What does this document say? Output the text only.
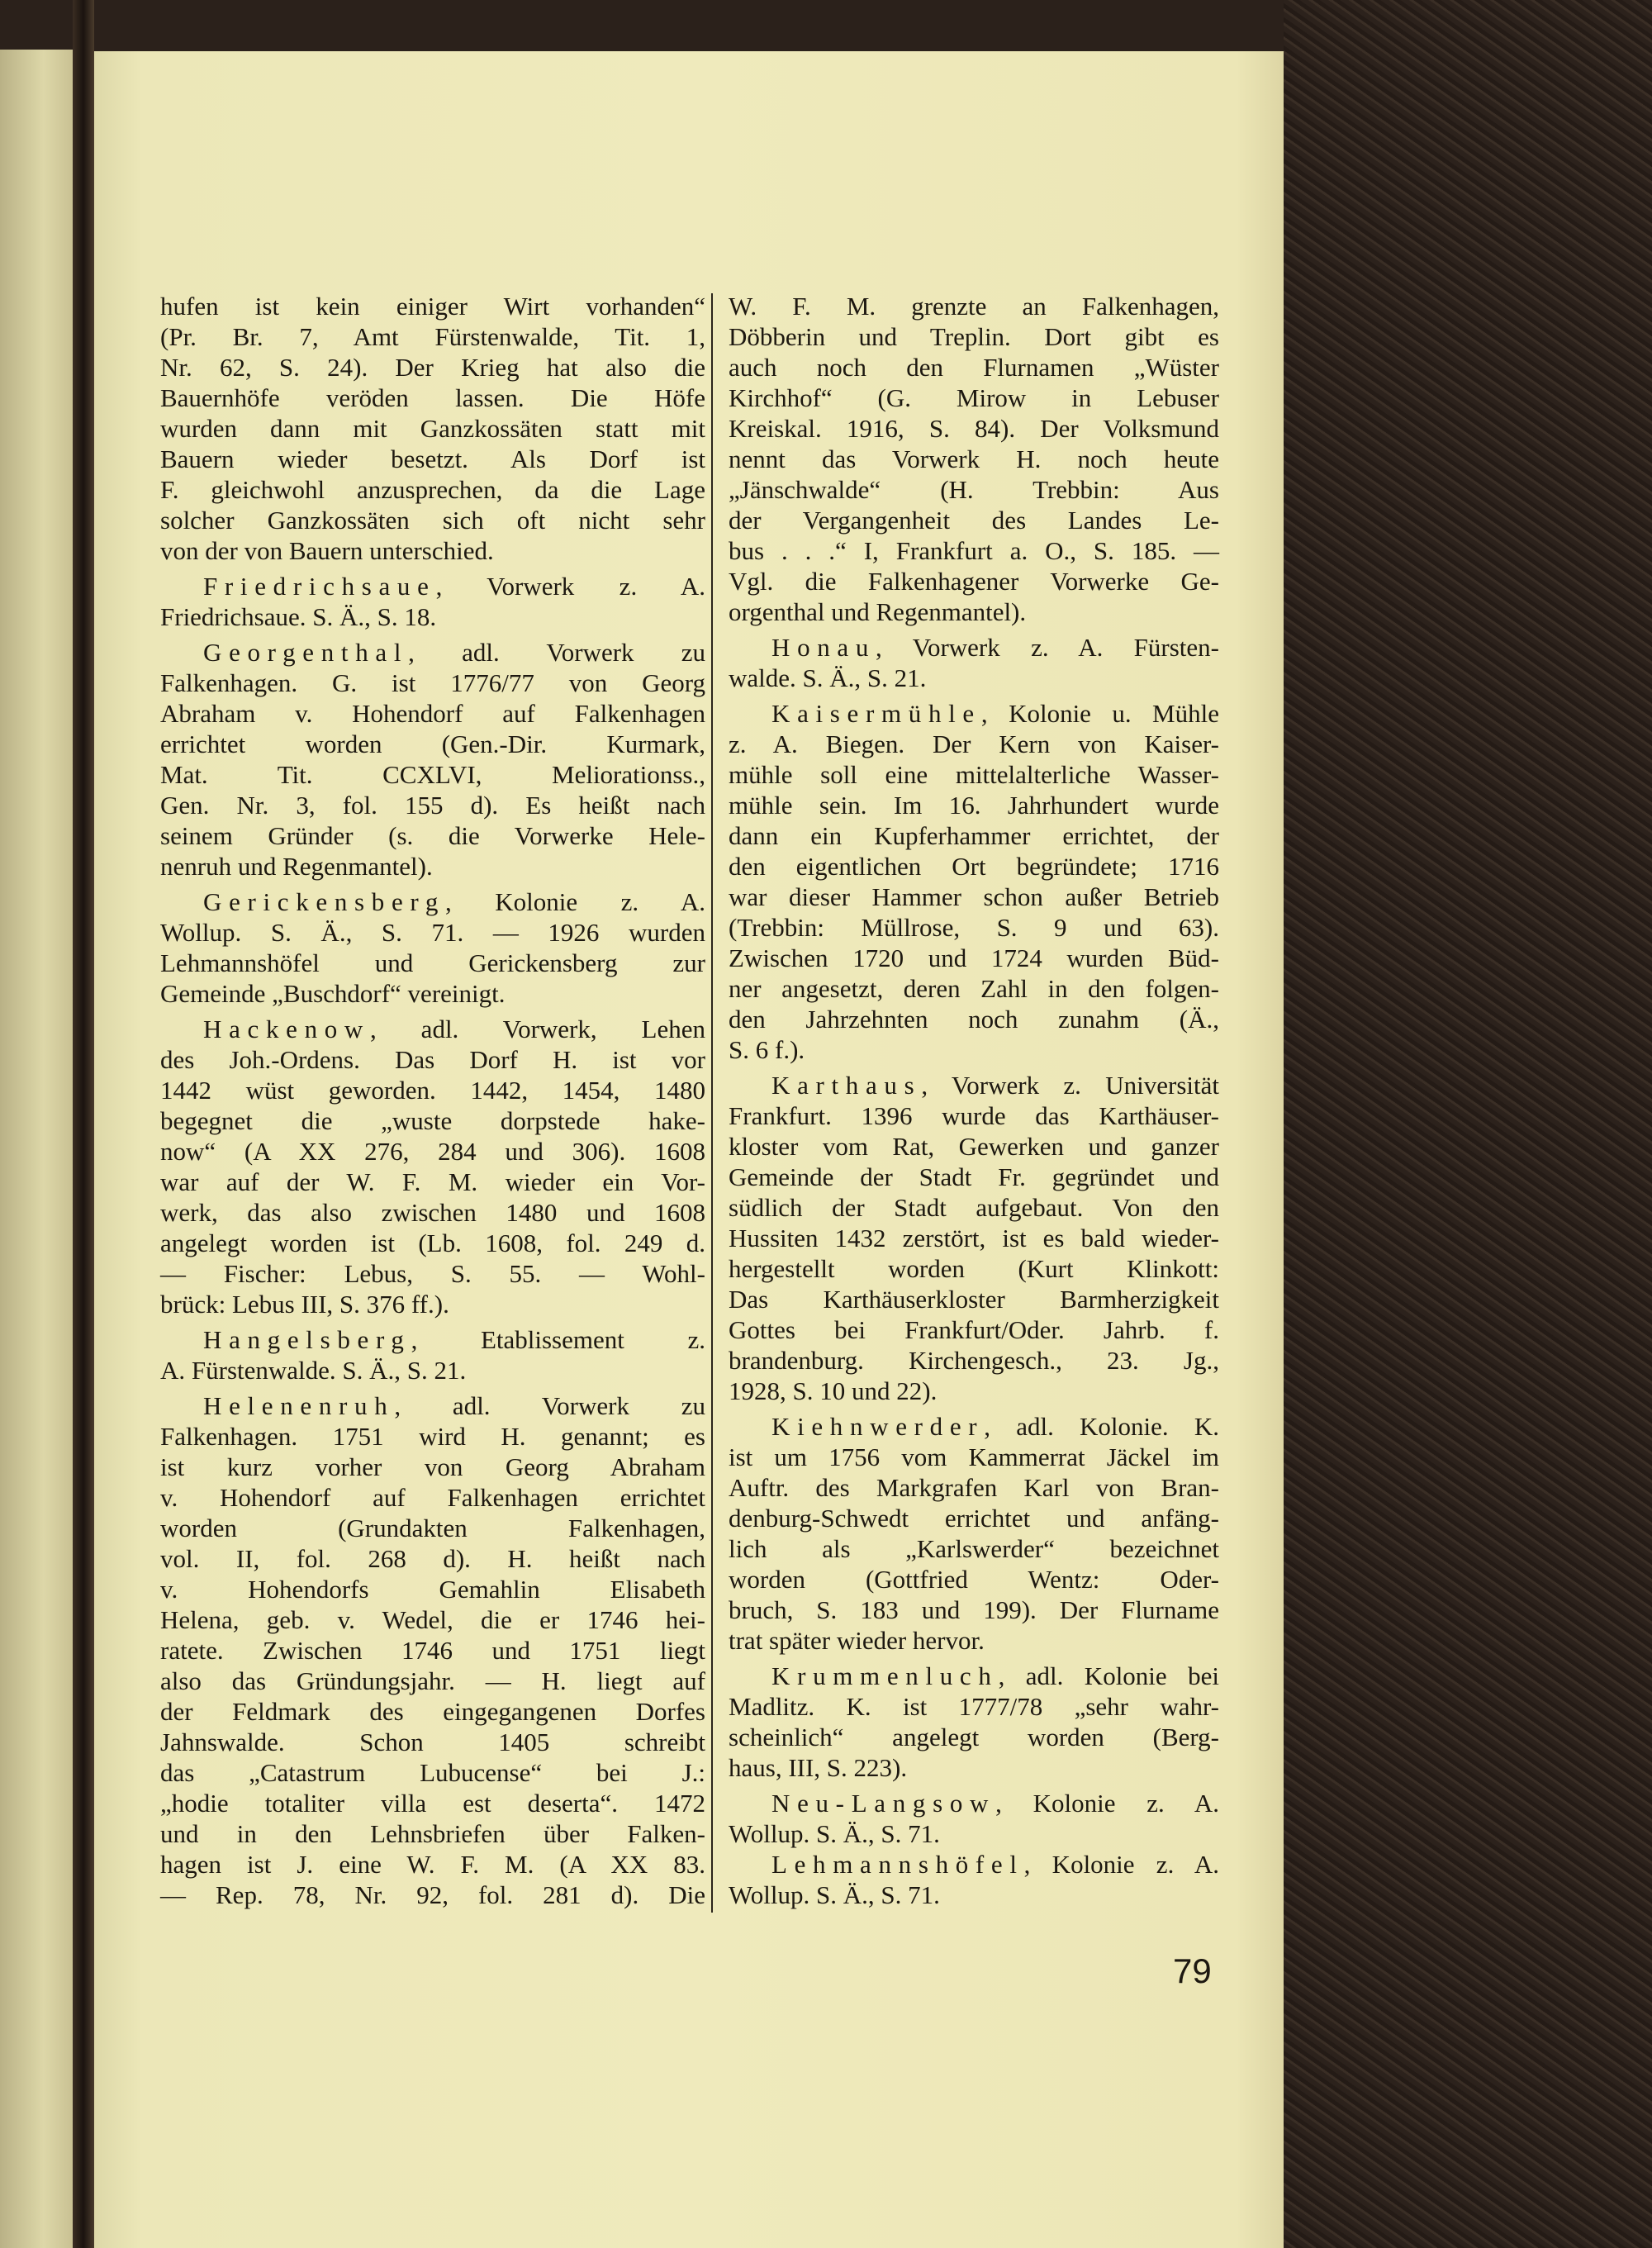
hufen ist kein einiger Wirt vorhanden“
(Pr. Br. 7, Amt Fürstenwalde, Tit. 1,
Nr. 62, S. 24). Der Krieg hat also die
Bauernhöfe veröden lassen. Die Höfe
wurden dann mit Ganzkossäten statt mit
Bauern wieder besetzt. Als Dorf ist
F. gleichwohl anzusprechen, da die Lage
solcher Ganzkossäten sich oft nicht sehr
von der von Bauern unterschied.
Friedrichsaue, Vorwerk z. A.
Friedrichsaue. S. Ä., S. 18.
Georgenthal, adl. Vorwerk zu
Falkenhagen. G. ist 1776/77 von Georg
Abraham v. Hohendorf auf Falkenhagen
errichtet worden (Gen.-Dir. Kurmark,
Mat. Tit. CCXLVI, Meliorationss.,
Gen. Nr. 3, fol. 155 d). Es heißt nach
seinem Gründer (s. die Vorwerke Hele-
nenruh und Regenmantel).
Gerickensberg, Kolonie z. A.
Wollup. S. Ä., S. 71. — 1926 wurden
Lehmannshöfel und Gerickensberg zur
Gemeinde „Buschdorf“ vereinigt.
Hackenow, adl. Vorwerk, Lehen
des Joh.-Ordens. Das Dorf H. ist vor
1442 wüst geworden. 1442, 1454, 1480
begegnet die „wuste dorpstede hake-
now“ (A XX 276, 284 und 306). 1608
war auf der W. F. M. wieder ein Vor-
werk, das also zwischen 1480 und 1608
angelegt worden ist (Lb. 1608, fol. 249 d.
— Fischer: Lebus, S. 55. — Wohl-
brück: Lebus III, S. 376 ff.).
Hangelsberg, Etablissement z.
A. Fürstenwalde. S. Ä., S. 21.
Helenenruh, adl. Vorwerk zu
Falkenhagen. 1751 wird H. genannt; es
ist kurz vorher von Georg Abraham
v. Hohendorf auf Falkenhagen errichtet
worden (Grundakten Falkenhagen,
vol. II, fol. 268 d). H. heißt nach
v. Hohendorfs Gemahlin Elisabeth
Helena, geb. v. Wedel, die er 1746 hei-
ratete. Zwischen 1746 und 1751 liegt
also das Gründungsjahr. — H. liegt auf
der Feldmark des eingegangenen Dorfes
Jahnswalde. Schon 1405 schreibt
das „Catastrum Lubucense“ bei J.:
„hodie totaliter villa est deserta“. 1472
und in den Lehnsbriefen über Falken-
hagen ist J. eine W. F. M. (A XX 83.
— Rep. 78, Nr. 92, fol. 281 d). Die
W. F. M. grenzte an Falkenhagen,
Döbberin und Treplin. Dort gibt es
auch noch den Flurnamen „Wüster
Kirchhof“ (G. Mirow in Lebuser
Kreiskal. 1916, S. 84). Der Volksmund
nennt das Vorwerk H. noch heute
„Jänschwalde“ (H. Trebbin: Aus
der Vergangenheit des Landes Le-
bus . . .“ I, Frankfurt a. O., S. 185. —
Vgl. die Falkenhagener Vorwerke Ge-
orgenthal und Regenmantel).
Honau, Vorwerk z. A. Fürsten-
walde. S. Ä., S. 21.
Kaisermühle, Kolonie u. Mühle
z. A. Biegen. Der Kern von Kaiser-
mühle soll eine mittelalterliche Wasser-
mühle sein. Im 16. Jahrhundert wurde
dann ein Kupferhammer errichtet, der
den eigentlichen Ort begründete; 1716
war dieser Hammer schon außer Betrieb
(Trebbin: Müllrose, S. 9 und 63).
Zwischen 1720 und 1724 wurden Büd-
ner angesetzt, deren Zahl in den folgen-
den Jahrzehnten noch zunahm (Ä.,
S. 6 f.).
Karthaus, Vorwerk z. Universität
Frankfurt. 1396 wurde das Karthäuser-
kloster vom Rat, Gewerken und ganzer
Gemeinde der Stadt Fr. gegründet und
südlich der Stadt aufgebaut. Von den
Hussiten 1432 zerstört, ist es bald wieder-
hergestellt worden (Kurt Klinkott:
Das Karthäuserkloster Barmherzigkeit
Gottes bei Frankfurt/Oder. Jahrb. f.
brandenburg. Kirchengesch., 23. Jg.,
1928, S. 10 und 22).
Kiehnwerder, adl. Kolonie. K.
ist um 1756 vom Kammerrat Jäckel im
Auftr. des Markgrafen Karl von Bran-
denburg-Schwedt errichtet und anfäng-
lich als „Karlswerder“ bezeichnet
worden (Gottfried Wentz: Oder-
bruch, S. 183 und 199). Der Flurname
trat später wieder hervor.
Krummenluch, adl. Kolonie bei
Madlitz. K. ist 1777/78 „sehr wahr-
scheinlich“ angelegt worden (Berg-
haus, III, S. 223).
Neu-Langsow, Kolonie z. A.
Wollup. S. Ä., S. 71.
Lehmannshöfel, Kolonie z. A.
Wollup. S. Ä., S. 71.
79
